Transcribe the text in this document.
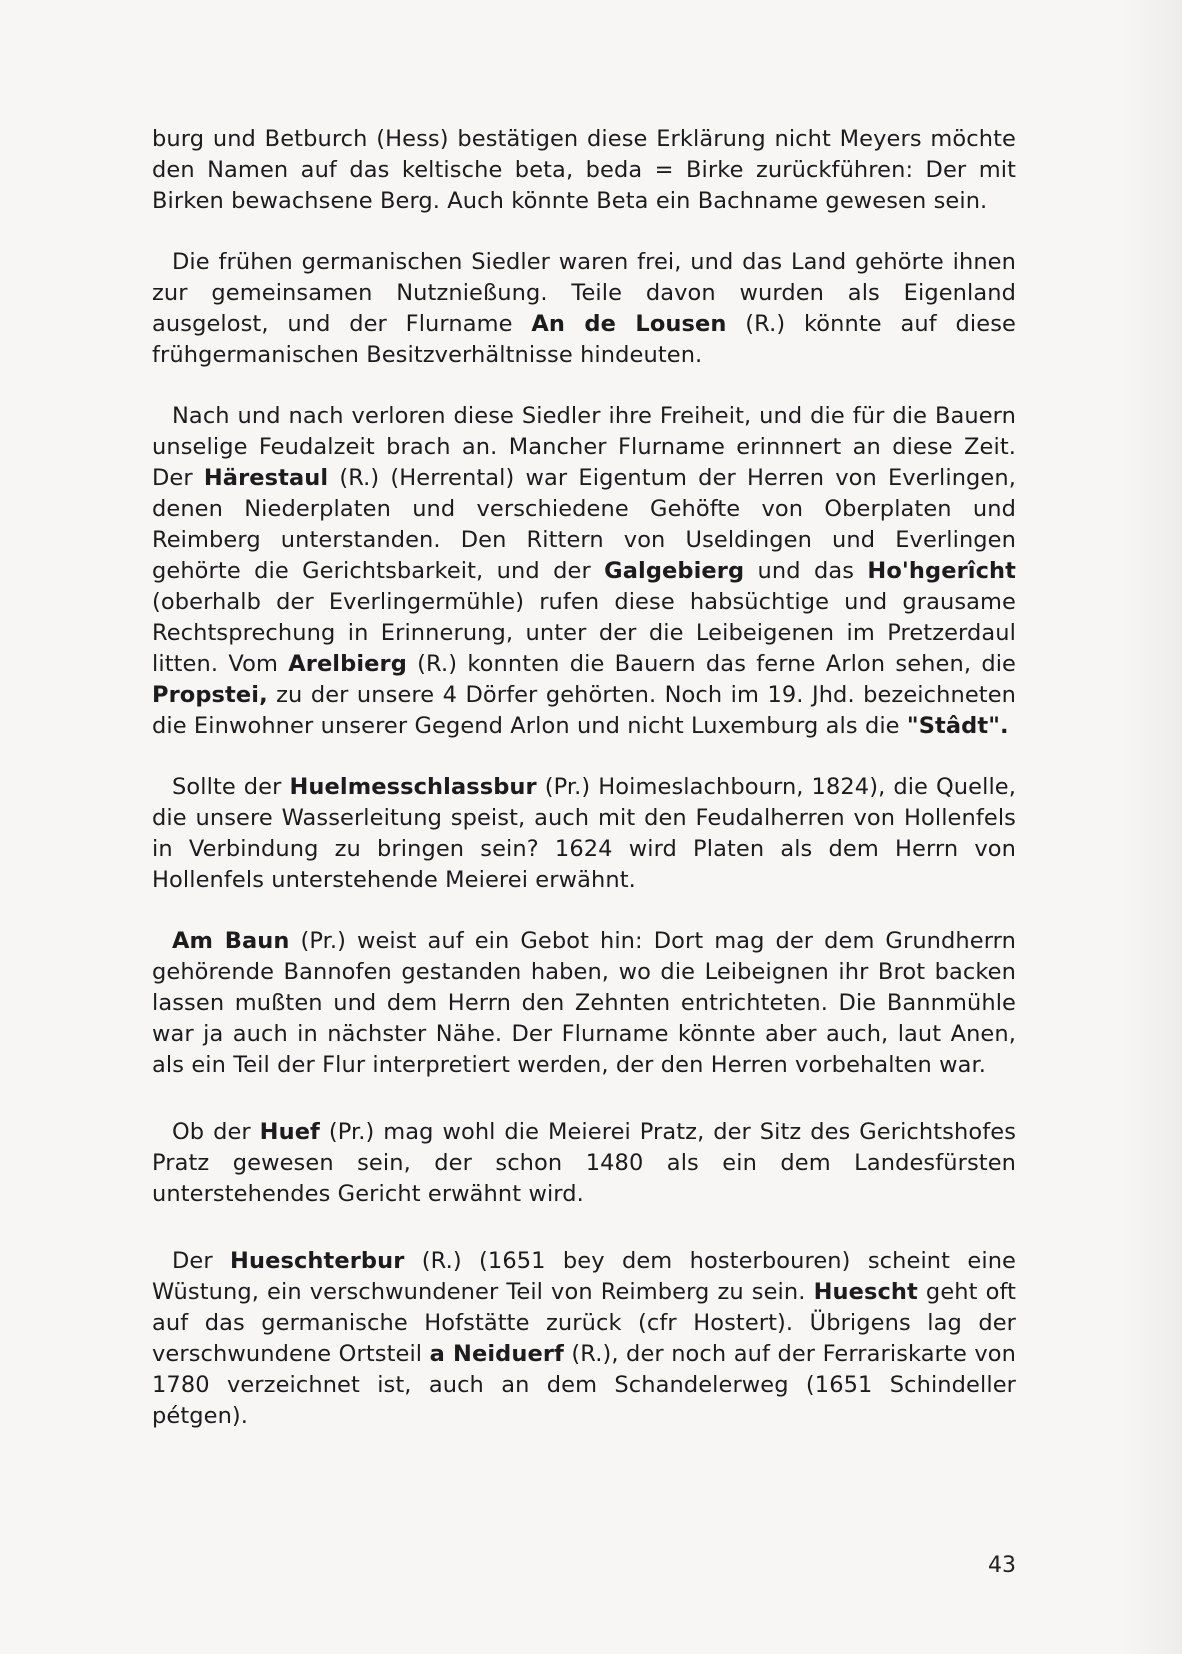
burg und Betburch (Hess) bestätigen diese Erklärung nicht Meyers möchte den Namen auf das keltische beta, beda = Birke zurückführen: Der mit Birken bewachsene Berg. Auch könnte Beta ein Bachname gewesen sein.

Die frühen germanischen Siedler waren frei, und das Land gehörte ihnen zur gemeinsamen Nutznießung. Teile davon wurden als Eigenland ausgelost, und der Flurname An de Lousen (R.) könnte auf diese frühgermanischen Besitzverhältnisse hindeuten.

Nach und nach verloren diese Siedler ihre Freiheit, und die für die Bauern unselige Feudalzeit brach an. Mancher Flurname erinnnert an diese Zeit. Der Härestaul (R.) (Herrental) war Eigentum der Herren von Everlingen, denen Niederplaten und verschiedene Gehöfte von Oberplaten und Reimberg unterstanden. Den Rittern von Useldingen und Everlingen gehörte die Gerichtsbarkeit, und der Galgebierg und das Ho'hgerîcht (oberhalb der Everlingermühle) rufen diese habsüchtige und grausame Rechtsprechung in Erinnerung, unter der die Leibeigenen im Pretzerdaul litten. Vom Arelbierg (R.) konnten die Bauern das ferne Arlon sehen, die Propstei, zu der unsere 4 Dörfer gehörten. Noch im 19. Jhd. bezeichneten die Einwohner unserer Gegend Arlon und nicht Luxemburg als die "Stâdt".

Sollte der Huelmesschlassbur (Pr.) Hoimeslachbourn, 1824), die Quelle, die unsere Wasserleitung speist, auch mit den Feudalherren von Hollenfels in Verbindung zu bringen sein? 1624 wird Platen als dem Herrn von Hollenfels unterstehende Meierei erwähnt.

Am Baun (Pr.) weist auf ein Gebot hin: Dort mag der dem Grundherrn gehörende Bannofen gestanden haben, wo die Leibeignen ihr Brot backen lassen mußten und dem Herrn den Zehnten entrichteten. Die Bannmühle war ja auch in nächster Nähe. Der Flurname könnte aber auch, laut Anen, als ein Teil der Flur interpretiert werden, der den Herren vorbehalten war.

Ob der Huef (Pr.) mag wohl die Meierei Pratz, der Sitz des Gerichtshofes Pratz gewesen sein, der schon 1480 als ein dem Landesfürsten unterstehendes Gericht erwähnt wird.

Der Hueschterbur (R.) (1651 bey dem hosterbouren) scheint eine Wüstung, ein verschwundener Teil von Reimberg zu sein. Huescht geht oft auf das germanische Hofstätte zurück (cfr Hostert). Übrigens lag der verschwundene Ortsteil a Neiduerf (R.), der noch auf der Ferrariskarte von 1780 verzeichnet ist, auch an dem Schandelerweg (1651 Schindeller pétgen).

43
